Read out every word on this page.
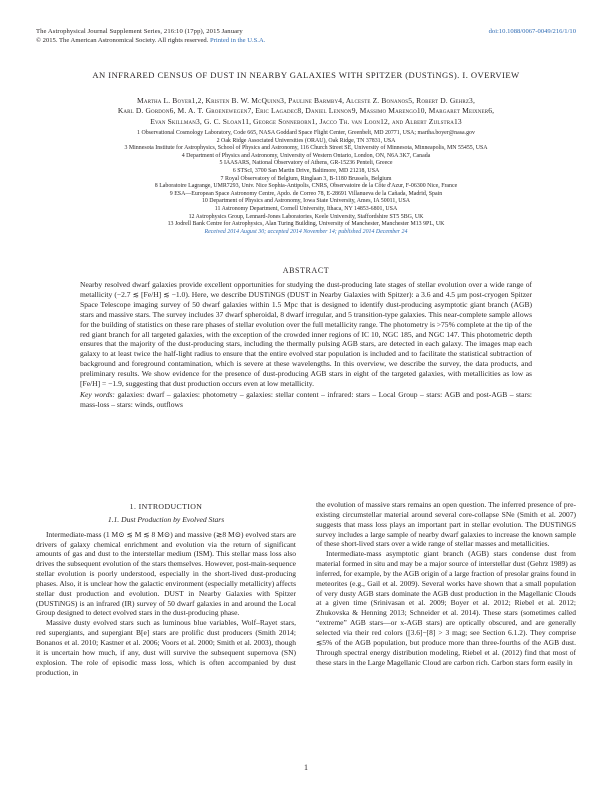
The Astrophysical Journal Supplement Series, 216:10 (17pp), 2015 January	doi:10.1088/0067-0049/216/1/10
© 2015. The American Astronomical Society. All rights reserved. Printed in the U.S.A.
AN INFRARED CENSUS OF DUST IN NEARBY GALAXIES WITH SPITZER (DUSTiNGS). I. OVERVIEW
Martha L. Boyer1,2, Kristen B. W. McQuinn3, Pauline Barmby4, Alceste Z. Bonanos5, Robert D. Gehrz3,
Karl D. Gordon6, M. A. T. Groenewegen7, Eric Lagadec8, Daniel Lennon9, Massimo Marengo10, Margaret Meixner6,
Evan Skillman3, G. C. Sloan11, George Sonneborn1, Jacco Th. van Loon12, and Albert Zijlstra13
1 Observational Cosmology Laboratory, Code 665, NASA Goddard Space Flight Center, Greenbelt, MD 20771, USA; martha.boyer@nasa.gov
2 Oak Ridge Associated Universities (ORAU), Oak Ridge, TN 37831, USA
3 Minnesota Institute for Astrophysics, School of Physics and Astronomy, 116 Church Street SE, University of Minnesota, Minneapolis, MN 55455, USA
4 Department of Physics and Astronomy, University of Western Ontario, London, ON, N6A 3K7, Canada
5 IAASARS, National Observatory of Athens, GR-15236 Penteli, Greece
6 STScI, 3700 San Martin Drive, Baltimore, MD 21218, USA
7 Royal Observatory of Belgium, Ringlaan 3, B-1180 Brussels, Belgium
8 Laboratoire Lagrange, UMR7293, Univ. Nice Sophia-Antipolis, CNRS, Observatoire de la Côte d'Azur, F-06300 Nice, France
9 ESA—European Space Astronomy Centre, Apdo. de Correo 78, E-28691 Villanueva de la Cañada, Madrid, Spain
10 Department of Physics and Astronomy, Iowa State University, Ames, IA 50011, USA
11 Astronomy Department, Cornell University, Ithaca, NY 14853-6801, USA
12 Astrophysics Group, Lennard-Jones Laboratories, Keele University, Staffordshire ST5 5BG, UK
13 Jodrell Bank Centre for Astrophysics, Alan Turing Building, University of Manchester, Manchester M13 9PL, UK
Received 2014 August 30; accepted 2014 November 14; published 2014 December 24
ABSTRACT

Nearby resolved dwarf galaxies provide excellent opportunities for studying the dust-producing late stages of stellar evolution over a wide range of metallicity (−2.7 ≲ [Fe/H] ≲ −1.0). Here, we describe DUSTiNGS (DUST in Nearby Galaxies with Spitzer): a 3.6 and 4.5 μm post-cryogen Spitzer Space Telescope imaging survey of 50 dwarf galaxies within 1.5 Mpc that is designed to identify dust-producing asymptotic giant branch (AGB) stars and massive stars. The survey includes 37 dwarf spheroidal, 8 dwarf irregular, and 5 transition-type galaxies. This near-complete sample allows for the building of statistics on these rare phases of stellar evolution over the full metallicity range. The photometry is >75% complete at the tip of the red giant branch for all targeted galaxies, with the exception of the crowded inner regions of IC 10, NGC 185, and NGC 147. This photometric depth ensures that the majority of the dust-producing stars, including the thermally pulsing AGB stars, are detected in each galaxy. The images map each galaxy to at least twice the half-light radius to ensure that the entire evolved star population is included and to facilitate the statistical subtraction of background and foreground contamination, which is severe at these wavelengths. In this overview, we describe the survey, the data products, and preliminary results. We show evidence for the presence of dust-producing AGB stars in eight of the targeted galaxies, with metallicities as low as [Fe/H] = −1.9, suggesting that dust production occurs even at low metallicity.

Key words: galaxies: dwarf – galaxies: photometry – galaxies: stellar content – infrared: stars – Local Group – stars: AGB and post-AGB – stars: mass-loss – stars: winds, outflows

1. INTRODUCTION
1.1. Dust Production by Evolved Stars

Intermediate-mass (1 M⊙ ≲ M ≲ 8 M⊙) and massive (≳8 M⊙) evolved stars are drivers of galaxy chemical enrichment and evolution via the return of significant amounts of gas and dust to the interstellar medium (ISM). This stellar mass loss also drives the subsequent evolution of the stars themselves. However, post-main-sequence stellar evolution is poorly understood, especially in the short-lived dust-producing phases. Also, it is unclear how the galactic environment (especially metallicity) affects stellar dust production and evolution. DUST in Nearby Galaxies with Spitzer (DUSTiNGS) is an infrared (IR) survey of 50 dwarf galaxies in and around the Local Group designed to detect evolved stars in the dust-producing phase.

Massive dusty evolved stars such as luminous blue variables, Wolf–Rayet stars, red supergiants, and supergiant B[e] stars are prolific dust producers (Smith 2014; Bonanos et al. 2010; Kastner et al. 2006; Voors et al. 2000; Smith et al. 2003), though it is uncertain how much, if any, dust will survive the subsequent supernova (SN) explosion. The role of episodic mass loss, which is often accompanied by dust production, in

the evolution of massive stars remains an open question. The inferred presence of pre-existing circumstellar material around several core-collapse SNe (Smith et al. 2007) suggests that mass loss plays an important part in stellar evolution. The DUSTiNGS survey includes a large sample of nearby dwarf galaxies to increase the known sample of these short-lived stars over a wide range of stellar masses and metallicities.

Intermediate-mass asymptotic giant branch (AGB) stars condense dust from material formed in situ and may be a major source of interstellar dust (Gehrz 1989) as inferred, for example, by the AGB origin of a large fraction of presolar grains found in meteorites (e.g., Gail et al. 2009). Several works have shown that a small population of very dusty AGB stars dominate the AGB dust production in the Magellanic Clouds at a given time (Srinivasan et al. 2009; Boyer et al. 2012; Riebel et al. 2012; Zhukovska & Henning 2013; Schneider et al. 2014). These stars (sometimes called “extreme” AGB stars—or x-AGB stars) are optically obscured, and are generally selected via their red colors ([3.6]−[8] > 3 mag; see Section 6.1.2). They comprise ≲5% of the AGB population, but produce more than three-fourths of the AGB dust. Through spectral energy distribution modeling, Riebel et al. (2012) find that most of these stars in the Large Magellanic Cloud are carbon rich. Carbon stars form easily in

1
